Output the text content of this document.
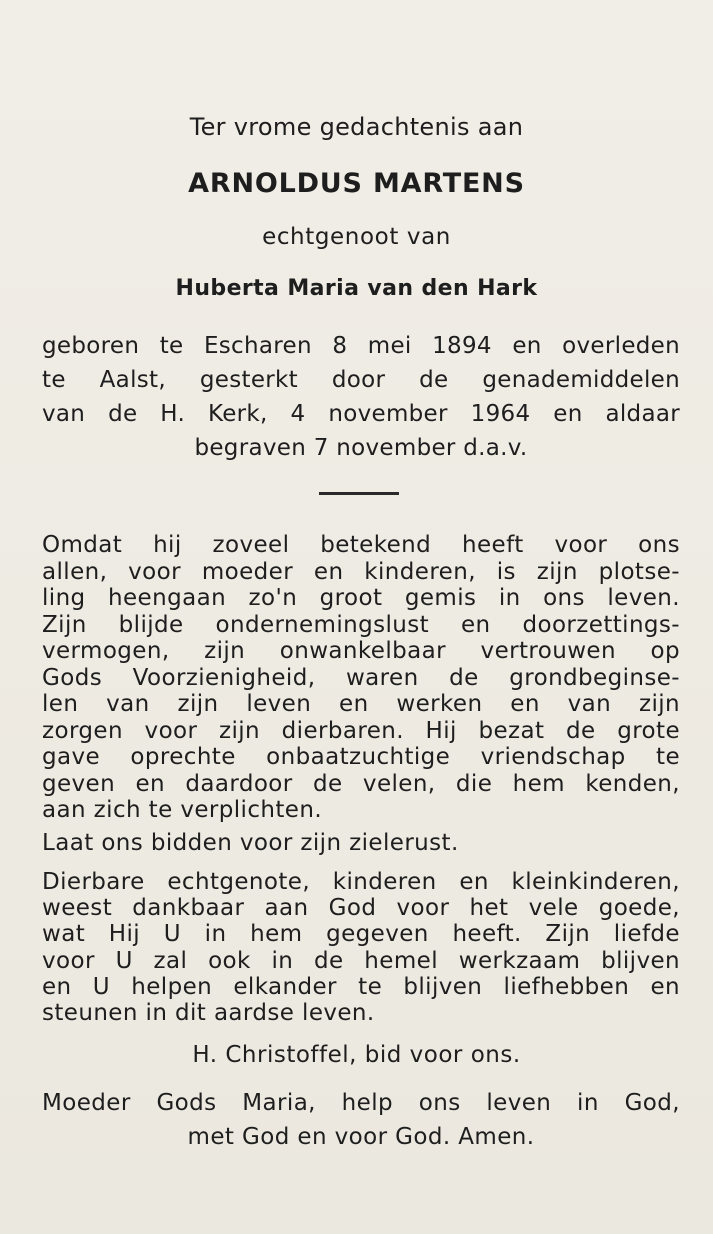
Ter vrome gedachtenis aan
ARNOLDUS MARTENS
echtgenoot van
Huberta Maria van den Hark
geboren te Escharen 8 mei 1894 en overleden
te Aalst, gesterkt door de genademiddelen
van de H. Kerk, 4 november 1964 en aldaar
begraven 7 november d.a.v.
Omdat hij zoveel betekend heeft voor ons
allen, voor moeder en kinderen, is zijn plotse-
ling heengaan zo'n groot gemis in ons leven.
Zijn blijde ondernemingslust en doorzettings-
vermogen, zijn onwankelbaar vertrouwen op
Gods Voorzienigheid, waren de grondbeginse-
len van zijn leven en werken en van zijn
zorgen voor zijn dierbaren. Hij bezat de grote
gave oprechte onbaatzuchtige vriendschap te
geven en daardoor de velen, die hem kenden,
aan zich te verplichten.
Laat ons bidden voor zijn zielerust.
Dierbare echtgenote, kinderen en kleinkinderen,
weest dankbaar aan God voor het vele goede,
wat Hij U in hem gegeven heeft. Zijn liefde
voor U zal ook in de hemel werkzaam blijven
en U helpen elkander te blijven liefhebben en
steunen in dit aardse leven.
H. Christoffel, bid voor ons.
Moeder Gods Maria, help ons leven in God,
met God en voor God. Amen.
